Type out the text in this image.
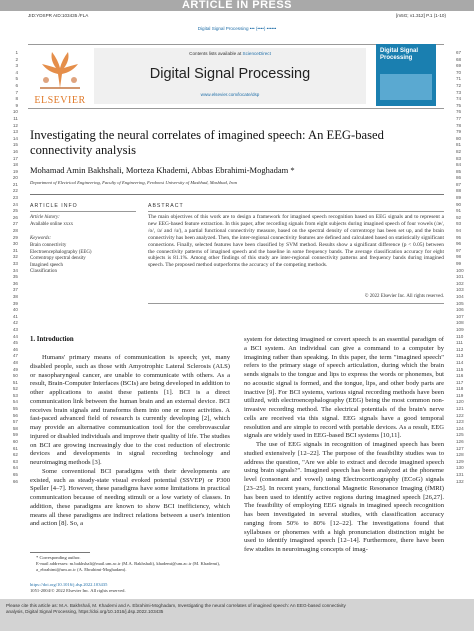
ARTICLE IN PRESS
JID:YDSPR AID:103435 /FLA	[m5G; v1.312] P.1 (1-10)
Digital Signal Processing ••• (••••) ••••••
1
2
3
4
5
6
7
8
9
10
11
12
13
14
15
16
17
18
19
20
21
22
23
24
25
26
27
28
29
30
31
32
33
34
35
36
37
38
39
40
41
42
43
44
45
46
47
48
49
50
51
52
53
54
55
56
57
58
59
60
61
62
63
64
65
66
67
68
69
70
71
72
73
74
75
76
77
78
79
80
81
82
83
84
85
86
87
88
89
90
91
92
93
94
95
96
97
98
99
100
101
102
103
104
105
106
107
108
109
110
111
112
113
114
115
116
117
118
119
120
121
122
123
124
125
126
127
128
129
130
131
132
ELSEVIER
Contents lists available at ScienceDirect
Digital Signal Processing
www.elsevier.com/locate/dsp
Digital Signal Processing
Investigating the neural correlates of imagined speech: An EEG-based connectivity analysis
Mohamad Amin Bakhshali, Morteza Khademi, Abbas Ebrahimi-Moghadam *
Department of Electrical Engineering, Faculty of Engineering, Ferdowsi University of Mashhad, Mashhad, Iran
ARTICLE INFO
Article history:
Available online xxxx
Keywords:
Brain connectivity
Electroencephalography (EEG)
Correntropy spectral density
Imagined speech
Classification
ABSTRACT
The main objectives of this work are to design a framework for imagined speech recognition based on EEG signals and to represent a new EEG-based feature extraction. In this paper, after recording signals from eight subjects during imagined speech of four vowels (/æ/, /o/, /a/ and /u/), a partial functional connectivity measure, based on the spectral density of correntropy has been set up, and the brain connectivity has been analyzed. Then, the inter-regional connectivity features are defined and calculated based on statistically significant connections. Finally, selected features have been classified by SVM method. Results show a significant difference (p < 0.05) between the connectivity patterns of imagined speech and the baseline in some frequency bands. The average classification accuracy for eight subjects is 81.1%. Among other findings of this study are inter-regional connectivity patterns and frequency bands during imagined speech. The proposed method outperforms the accuracy of the competing methods.
© 2022 Elsevier Inc. All rights reserved.
1. Introduction

Humans' primary means of communication is speech; yet, many disabled people, such as those with Amyotrophic Lateral Sclerosis (ALS) or nasopharyngeal cancer, are unable to communicate with others. As a result, Brain-Computer Interfaces (BCIs) are being developed in addition to other applications to assist these patients [1]. BCI is a direct communication link between the human brain and an external device. BCI receives brain signals and transforms them into one or more activities. A fast-paced advanced field of research is currently developing [2], which may provide an alternative communication tool for the cerebrovascular injured or disabled individuals and improve their quality of life. The studies on BCI are growing increasingly due to the cost reduction of electronic devices and developments in signal recording technology and neuroimaging methods [3].

Some conventional BCI paradigms with their developments are existed, such as steady-state visual evoked potential (SSVEP) or P300 Speller [4–7]. However, these paradigms have some limitations in practical communication because of needing stimuli or a low variety of classes. In addition, these paradigms are known to show BCI inefficiency, which means all these paradigms are indirect relations between a user's intention and action [8]. So, a

system for detecting imagined or covert speech is an essential paradigm of a BCI system. An individual can give a command to a computer by imagining rather than speaking. In this paper, the term "imagined speech" refers to the primary stage of speech articulation, during which the brain sends signals to the tongue and lips to express the words or phonemes, but no acoustic signal is formed, and the tongue, lips, and other body parts are inactive [9]. For BCI systems, various signal recording methods have been utilized, with electroencephalography (EEG) being the most common non-invasive recording method. The electrical potentials of the brain's nerve cells are received via this signal. EEG signals have a good temporal resolution and are simple to record with portable devices. As a result, EEG signals are widely used in EEG-based BCI systems [10,11].

The use of EEG signals in recognition of imagined speech has been studied extensively [12–22]. The purpose of the feasibility studies was to address the question, "Are we able to extract and decode imagined speech using brain signals?". Imagined speech has been analyzed at the phoneme level (consonant and vowel) using Electrocorticography (ECoG) signals [23–25]. In recent years, functional Magnetic Resonance Imaging (fMRI) has been used to identify active regions during imagined speech [26,27]. The feasibility of employing EEG signals in imagined speech recognition has been investigated in several studies, with classification accuracy ranging from 50% to 80% [12–22]. The investigations found that syllabuses or phonemes with a high pronunciation distinction might be used to identify imagined speech [12–14]. Furthermore, there have been few studies in neuroimaging concepts of imag-

* Corresponding author.
E-mail addresses: m.bakhshali@mail.um.ac.ir (M.A. Bakhshali), khademi@um.ac.ir (M. Khademi), a_ebrahimi@um.ac.ir (A. Ebrahimi-Moghadam).
https://doi.org/10.1016/j.dsp.2022.103435
1051-2004/© 2022 Elsevier Inc. All rights reserved.
Please cite this article as: M.A. Bakhshali, M. Khademi and A. Ebrahimi-Moghadam, Investigating the neural correlates of imagined speech: An EEG-based connectivity
analysis, Digital Signal Processing, https://doi.org/10.1016/j.dsp.2022.103435
